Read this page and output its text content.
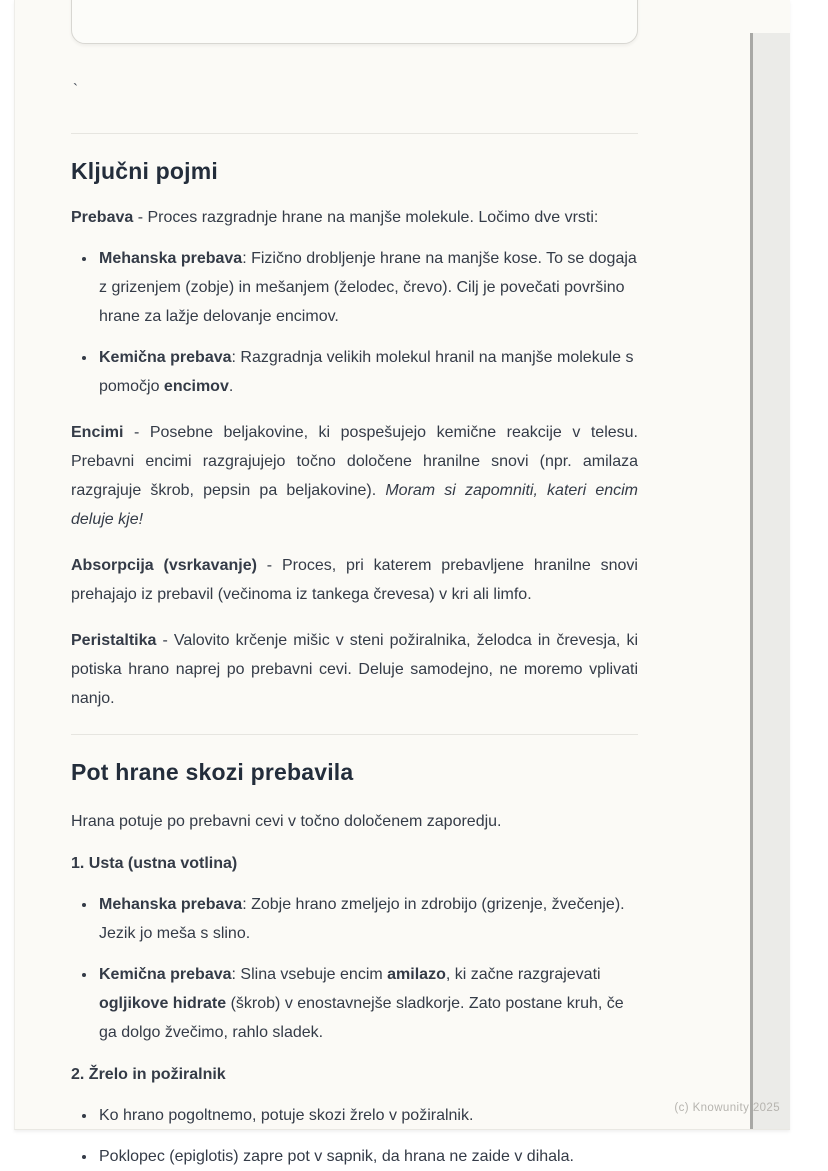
`
Ključni pojmi

Prebava - Proces razgradnje hrane na manjše molekule. Ločimo dve vrsti:

• Mehanska prebava: Fizično drobljenje hrane na manjše kose. To se dogaja z grizenjem (zobje) in mešanjem (želodec, črevo). Cilj je povečati površino hrane za lažje delovanje encimov.
• Kemična prebava: Razgradnja velikih molekul hranil na manjše molekule s pomočjo encimov.

Encimi - Posebne beljakovine, ki pospešujejo kemične reakcije v telesu. Prebavni encimi razgrajujejo točno določene hranilne snovi (npr. amilaza razgrajuje škrob, pepsin pa beljakovine). Moram si zapomniti, kateri encim deluje kje!

Absorpcija (vsrkavanje) - Proces, pri katerem prebavljene hranilne snovi prehajajo iz prebavil (večinoma iz tankega črevesa) v kri ali limfo.

Peristaltika - Valovito krčenje mišic v steni požiralnika, želodca in črevesja, ki potiska hrano naprej po prebavni cevi. Deluje samodejno, ne moremo vplivati nanjo.

Pot hrane skozi prebavila

Hrana potuje po prebavni cevi v točno določenem zaporedju.

1. Usta (ustna votlina)

• Mehanska prebava: Zobje hrano zmeljejo in zdrobijo (grizenje, žvečenje). Jezik jo meša s slino.
• Kemična prebava: Slina vsebuje encim amilazo, ki začne razgrajevati ogljikove hidrate (škrob) v enostavnejše sladkorje. Zato postane kruh, če ga dolgo žvečimo, rahlo sladek.

2. Žrelo in požiralnik

• Ko hrano pogoltnemo, potuje skozi žrelo v požiralnik.
• Poklopec (epiglotis) zapre pot v sapnik, da hrana ne zaide v dihala.
(c) Knowunity 2025
